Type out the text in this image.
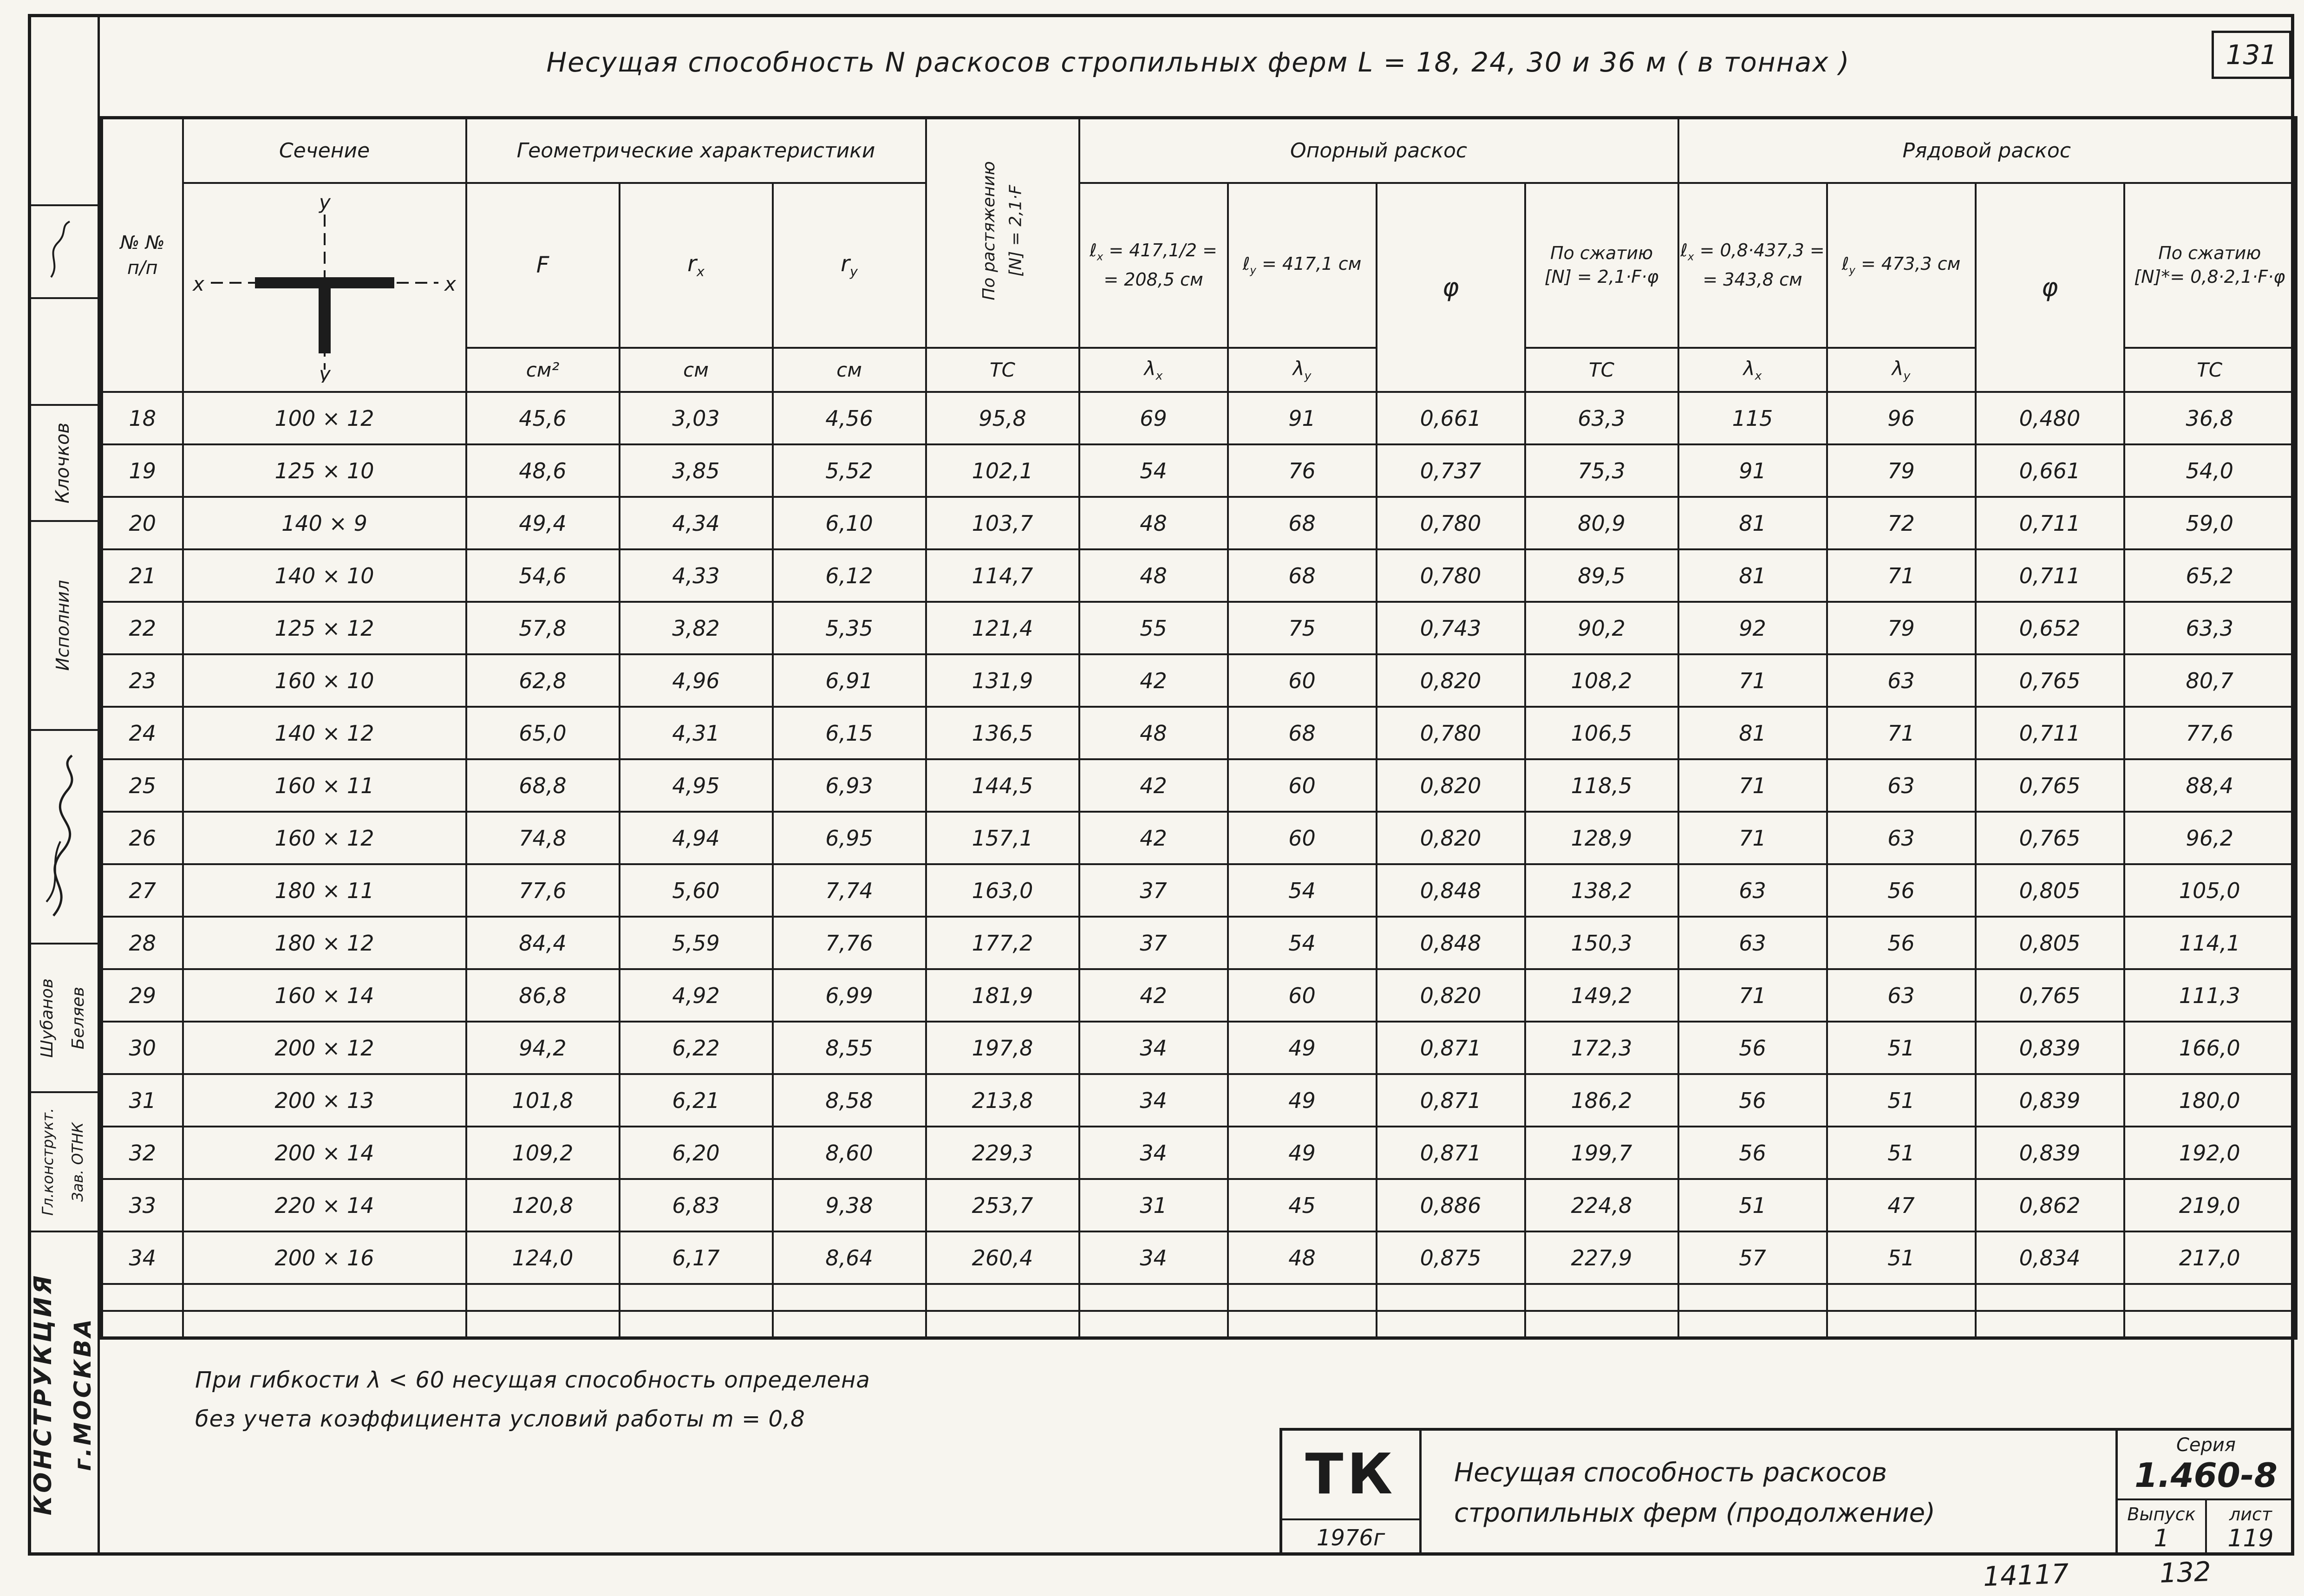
Клочков
Исполнил
Шубанов Беляев
Гл.конструкт. Зав. ОТНК
КОНСТРУКЦИЯ г.МОСКВА
131
Несущая способность N раскосов стропильных ферм L = 18, 24, 30 и 36 м ( в тоннах )
№ №
п/п	Сечение	Геометрические характеристики			По растяжению
[N] = 2,1·F	Опорный раскос				Рядовой раскос			

x	x
y
y
	F	$r_x$	$r_y$	
ℓ$_x$ = 417,1/2 =
= 208,5 см

ℓ$_y$ = 417,1 см
	φ	По сжатию
[N] = 2,1·F·φ	
ℓ$_x$ = 0,8·437,3 =
= 343,8 см

ℓ$_y$ = 473,3 см
	φ	По сжатию
[N]*= 0,8·2,1·F·φ
		см²	см	см	ТС	$\lambda_x$	$\lambda_y$		ТС	$\lambda_x$	$\lambda_y$		ТС
18	100 × 12	45,6	3,03	4,56	95,8	69	91	0,661	63,3	115	96	0,480	36,8
19	125 × 10	48,6	3,85	5,52	102,1	54	76	0,737	75,3	91	79	0,661	54,0
20	140 × 9	49,4	4,34	6,10	103,7	48	68	0,780	80,9	81	72	0,711	59,0
21	140 × 10	54,6	4,33	6,12	114,7	48	68	0,780	89,5	81	71	0,711	65,2
22	125 × 12	57,8	3,82	5,35	121,4	55	75	0,743	90,2	92	79	0,652	63,3
23	160 × 10	62,8	4,96	6,91	131,9	42	60	0,820	108,2	71	63	0,765	80,7
24	140 × 12	65,0	4,31	6,15	136,5	48	68	0,780	106,5	81	71	0,711	77,6
25	160 × 11	68,8	4,95	6,93	144,5	42	60	0,820	118,5	71	63	0,765	88,4
26	160 × 12	74,8	4,94	6,95	157,1	42	60	0,820	128,9	71	63	0,765	96,2
27	180 × 11	77,6	5,60	7,74	163,0	37	54	0,848	138,2	63	56	0,805	105,0
28	180 × 12	84,4	5,59	7,76	177,2	37	54	0,848	150,3	63	56	0,805	114,1
29	160 × 14	86,8	4,92	6,99	181,9	42	60	0,820	149,2	71	63	0,765	111,3
30	200 × 12	94,2	6,22	8,55	197,8	34	49	0,871	172,3	56	51	0,839	166,0
31	200 × 13	101,8	6,21	8,58	213,8	34	49	0,871	186,2	56	51	0,839	180,0
32	200 × 14	109,2	6,20	8,60	229,3	34	49	0,871	199,7	56	51	0,839	192,0
33	220 × 14	120,8	6,83	9,38	253,7	31	45	0,886	224,8	51	47	0,862	219,0
34	200 × 16	124,0	6,17	8,64	260,4	34	48	0,875	227,9	57	51	0,834	217,0

При гибкости λ < 60 несущая способность определена
без учета коэффициента условий работы m = 0,8
ТК
1976г
Несущая способность раскосов
стропильных ферм (продолжение)
Серия
1.460-8
Выпуск
1
лист
119
14117	132
